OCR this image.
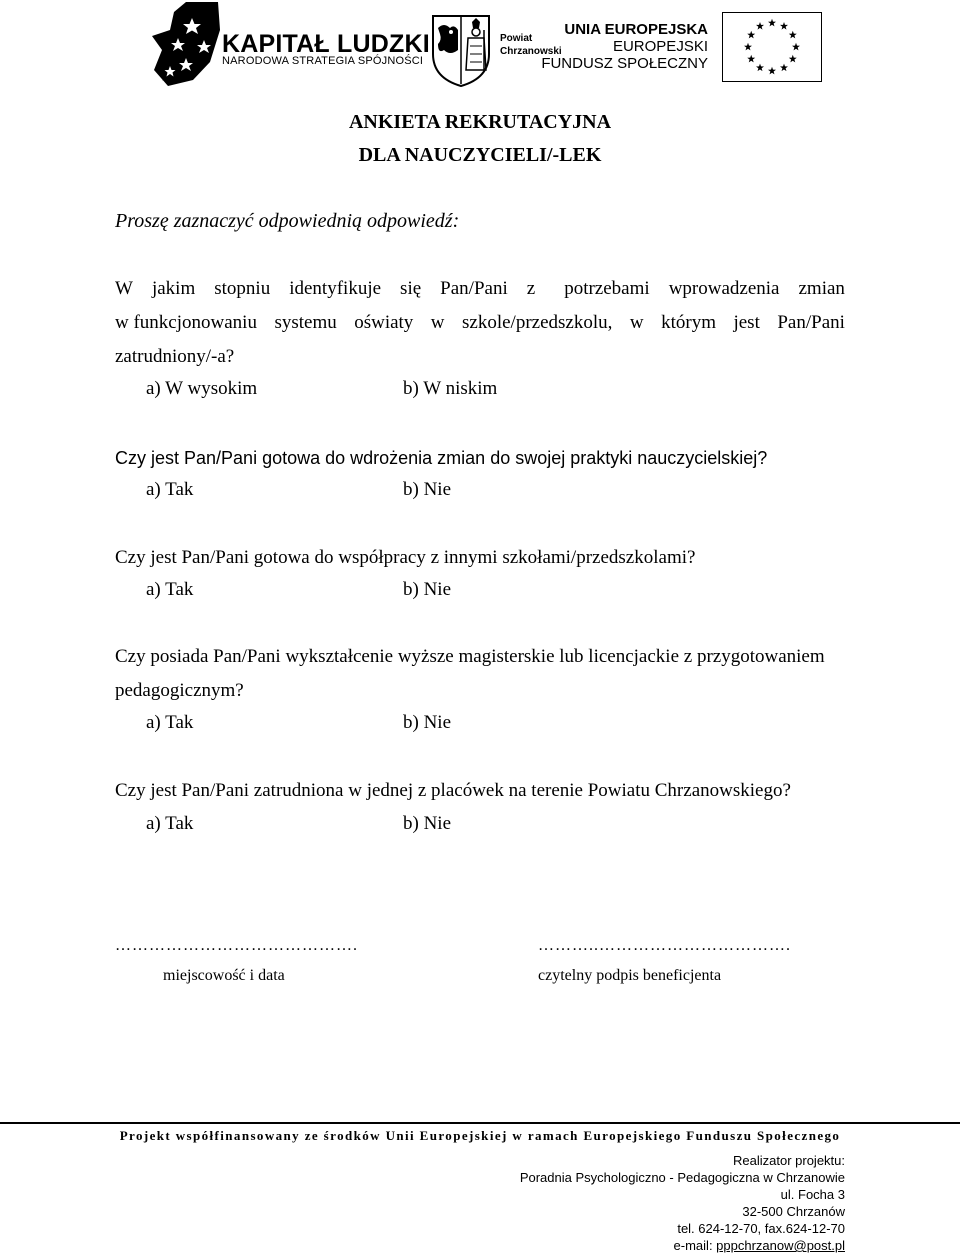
KAPITAŁ LUDZKI
NARODOWA STRATEGIA SPÓJNOŚCI
Powiat
Chrzanowski
UNIA EUROPEJSKA
EUROPEJSKI
FUNDUSZ SPOŁECZNY
ANKIETA REKRUTACYJNA
DLA NAUCZYCIELI/-LEK
Proszę zaznaczyć odpowiednią odpowiedź:
W jakim stopniu identyfikuje się Pan/Pani z potrzebami wprowadzenia zmian
w funkcjonowaniu systemu oświaty w szkole/przedszkolu, w którym jest Pan/Pani
zatrudniony/-a?
a) W wysokim	b) W niskim
Czy jest Pan/Pani gotowa do wdrożenia zmian do swojej praktyki nauczycielskiej?
a) Tak	b) Nie
Czy jest Pan/Pani gotowa do współpracy z innymi szkołami/przedszkolami?
a) Tak	b) Nie
Czy posiada Pan/Pani wykształcenie wyższe magisterskie lub licencjackie z przygotowaniem
pedagogicznym?
a) Tak	b) Nie
Czy jest Pan/Pani zatrudniona w jednej z placówek na terenie Powiatu Chrzanowskiego?
a) Tak	b) Nie
…………………………………….
miejscowość i data
………..…………………………….
czytelny podpis beneficjenta
Projekt współfinansowany ze środków Unii Europejskiej w ramach Europejskiego Funduszu Społecznego
Realizator projektu:
Poradnia Psychologiczno - Pedagogiczna w Chrzanowie
ul. Focha 3
32-500 Chrzanów
tel. 624-12-70, fax.624-12-70
e-mail: pppchrzanow@post.pl
